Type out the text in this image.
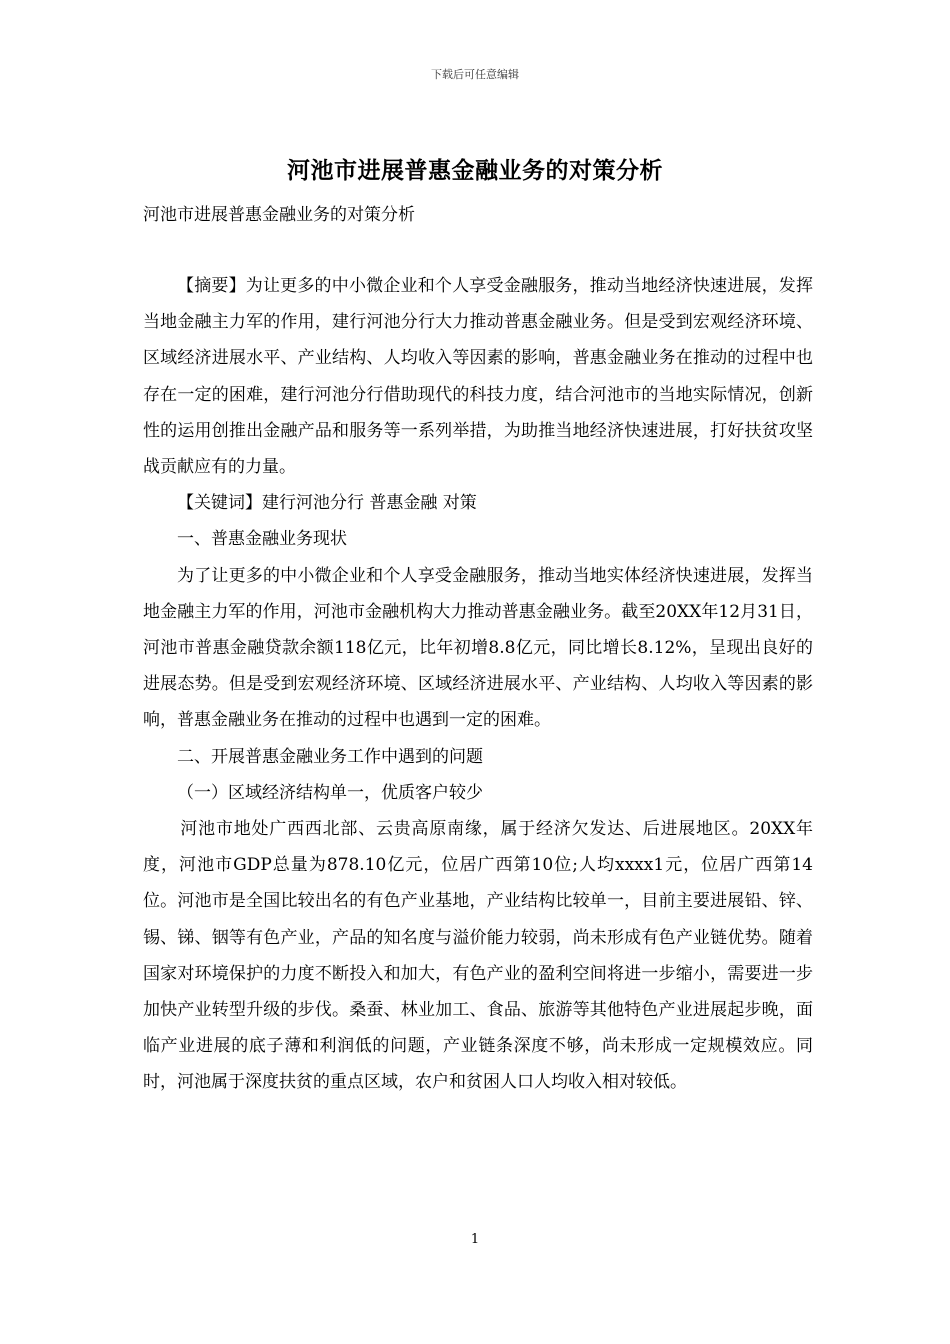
下载后可任意编辑
河池市进展普惠金融业务的对策分析
河池市进展普惠金融业务的对策分析

【摘要】为让更多的中小微企业和个人享受金融服务，推动当地经济快速进展，发挥当地金融主力军的作用，建行河池分行大力推动普惠金融业务。但是受到宏观经济环境、区域经济进展水平、产业结构、人均收入等因素的影响，普惠金融业务在推动的过程中也存在一定的困难，建行河池分行借助现代的科技力度，结合河池市的当地实际情况，创新性的运用创推出金融产品和服务等一系列举措，为助推当地经济快速进展，打好扶贫攻坚战贡献应有的力量。

【关键词】建行河池分行 普惠金融 对策

一、普惠金融业务现状

为了让更多的中小微企业和个人享受金融服务，推动当地实体经济快速进展，发挥当地金融主力军的作用，河池市金融机构大力推动普惠金融业务。截至20XX年12月31日，河池市普惠金融贷款余额118亿元，比年初增8.8亿元，同比增长8.12%，呈现出良好的进展态势。但是受到宏观经济环境、区域经济进展水平、产业结构、人均收入等因素的影响，普惠金融业务在推动的过程中也遇到一定的困难。

二、开展普惠金融业务工作中遇到的问题

（一）区域经济结构单一，优质客户较少

河池市地处广西西北部、云贵高原南缘，属于经济欠发达、后进展地区。20XX年度，河池市GDP总量为878.10亿元，位居广西第10位;人均xxxx1元，位居广西第14位。河池市是全国比较出名的有色产业基地，产业结构比较单一，目前主要进展铅、锌、锡、锑、铟等有色产业，产品的知名度与溢价能力较弱，尚未形成有色产业链优势。随着国家对环境保护的力度不断投入和加大，有色产业的盈利空间将进一步缩小，需要进一步加快产业转型升级的步伐。桑蚕、林业加工、食品、旅游等其他特色产业进展起步晚，面临产业进展的底子薄和利润低的问题，产业链条深度不够，尚未形成一定规模效应。同时，河池属于深度扶贫的重点区域，农户和贫困人口人均收入相对较低。

1
